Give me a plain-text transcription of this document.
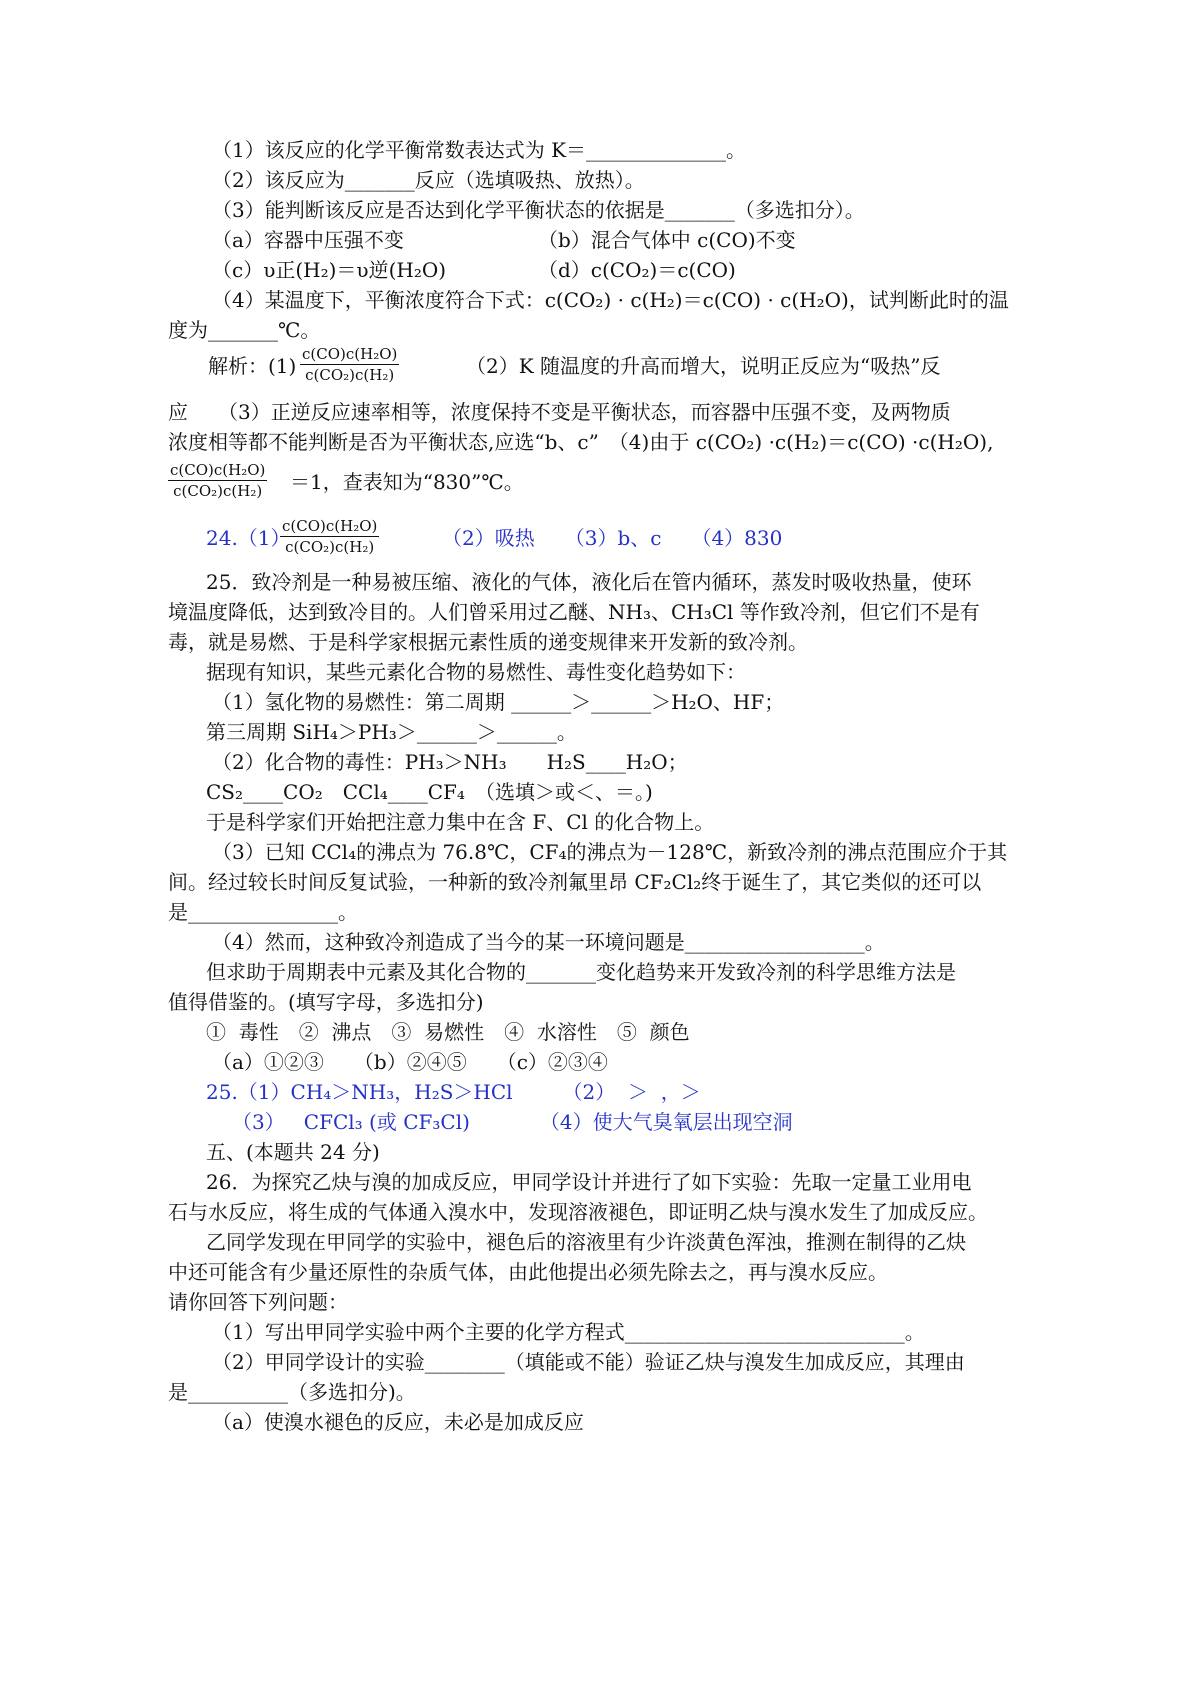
（1）该反应的化学平衡常数表达式为 K＝______________。
（2）该反应为_______反应（选填吸热、放热）。
（3）能判断该反应是否达到化学平衡状态的依据是_______（多选扣分）。
（a）容器中压强不变	（b）混合气体中 c(CO)不变
（c）υ正(H₂)＝υ逆(H₂O)	（d）c(CO₂)＝c(CO)
（4）某温度下，平衡浓度符合下式：c(CO₂) · c(H₂)＝c(CO) · c(H₂O)，试判断此时的温
度为_______℃。
解析：$(1) \frac{\text{c(CO)c(H₂O)}}{\text{c(CO₂)c(H₂)}}$	（2）K 随温度的升高而增大，说明正反应为“吸热”反
应　　（3）正逆反应速率相等，浓度保持不变是平衡状态，而容器中压强不变，及两物质
浓度相等都不能判断是否为平衡状态,应选“b、c”　（4)由于 c(CO₂) ·c(H₂)＝c(CO) ·c(H₂O),
$\frac{\text{c(CO)c(H₂O)}}{\text{c(CO₂)c(H₂)}}$	＝1，查表知为“830”℃。
24.（1）
$\frac{\text{c(CO)c(H₂O)}}{\text{c(CO₂)c(H₂)}}$	（2）吸热　　（3）b、c　　（4）830
25．致冷剂是一种易被压缩、液化的气体，液化后在管内循环，蒸发时吸收热量，使环
境温度降低，达到致冷目的。人们曾采用过乙醚、NH₃、CH₃Cl 等作致冷剂，但它们不是有
毒，就是易燃、于是科学家根据元素性质的递变规律来开发新的致冷剂。
据现有知识，某些元素化合物的易燃性、毒性变化趋势如下：
（1）氢化物的易燃性：第二周期 ______＞______＞H₂O、HF；
第三周期 SiH₄＞PH₃＞______＞______。
（2）化合物的毒性：PH₃＞NH₃　　H₂S____H₂O；
CS₂____CO₂　CCl₄____CF₄　（选填＞或＜、＝。)
于是科学家们开始把注意力集中在含 F、Cl 的化合物上。
（3）已知 CCl₄的沸点为 76.8℃，CF₄的沸点为－128℃，新致冷剂的沸点范围应介于其
间。经过较长时间反复试验，一种新的致冷剂氟里昂 CF₂Cl₂终于诞生了，其它类似的还可以
是_______________。
（4）然而，这种致冷剂造成了当今的某一环境问题是__________________。
但求助于周期表中元素及其化合物的_______变化趋势来开发致冷剂的科学思维方法是
值得借鉴的。(填写字母，多选扣分)
①  毒性　②  沸点　③  易燃性　④  水溶性　⑤  颜色
（a）①②③　　（b）②④⑤　　（c）②③④
25.（1）CH₄＞NH₃，H₂S＞HCl　　　（2）  ＞  ，＞
（3）   CFCl₃ (或 CF₃Cl)　　　　（4）使大气臭氧层出现空洞
五、(本题共 24 分)
26．为探究乙炔与溴的加成反应，甲同学设计并进行了如下实验：先取一定量工业用电
石与水反应，将生成的气体通入溴水中，发现溶液褪色，即证明乙炔与溴水发生了加成反应。
乙同学发现在甲同学的实验中，褪色后的溶液里有少许淡黄色浑浊，推测在制得的乙炔
中还可能含有少量还原性的杂质气体，由此他提出必须先除去之，再与溴水反应。
请你回答下列问题：
（1）写出甲同学实验中两个主要的化学方程式____________________________。
（2）甲同学设计的实验________（填能或不能）验证乙炔与溴发生加成反应，其理由
是__________（多选扣分)。
（a）使溴水褪色的反应，未必是加成反应
